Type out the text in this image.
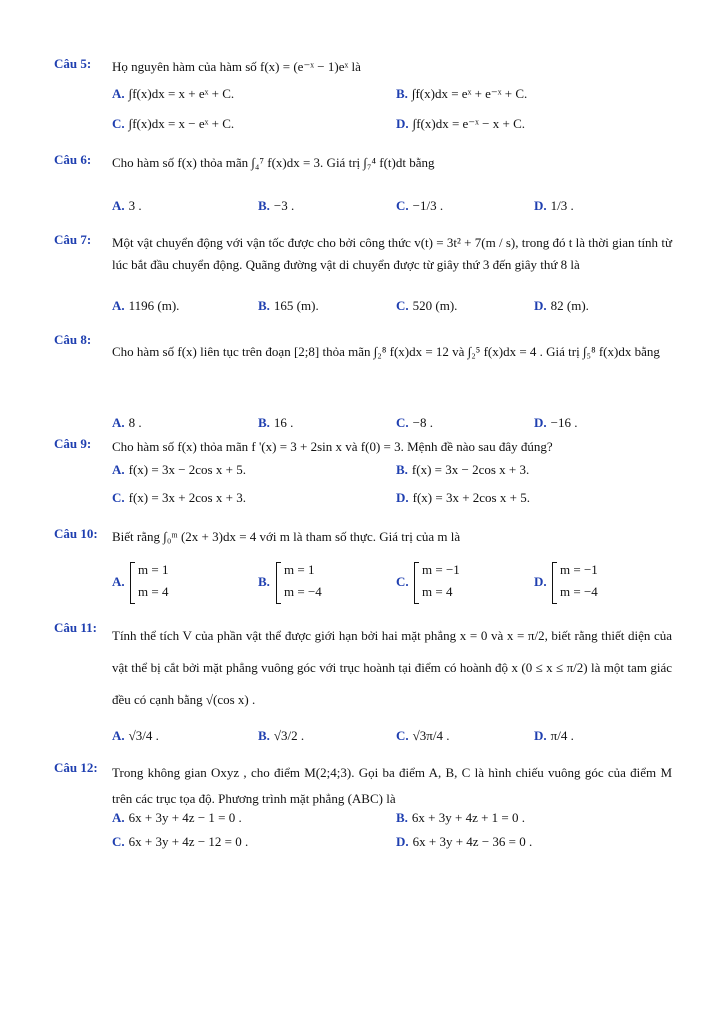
Câu 5: Họ nguyên hàm của hàm số f(x) = (e⁻ˣ − 1)eˣ là
A. ∫f(x)dx = x + eˣ + C.	B. ∫f(x)dx = eˣ + e⁻ˣ + C.
C. ∫f(x)dx = x − eˣ + C.	D. ∫f(x)dx = e⁻ˣ − x + C.
Câu 6: Cho hàm số f(x) thỏa mãn ∫₄⁷ f(x)dx = 3. Giá trị ∫₇⁴ f(t)dt bằng
A. 3 .	B. −3 .	C. −1/3 .	D. 1/3 .
Câu 7: Một vật chuyển động với vận tốc được cho bởi công thức v(t) = 3t² + 7(m / s), trong đó t là thời gian tính từ lúc bắt đầu chuyển động. Quãng đường vật di chuyển được từ giây thứ 3 đến giây thứ 8 là
A. 1196 (m).	B. 165 (m).	C. 520 (m).	D. 82 (m).
Câu 8:
Cho hàm số f(x) liên tục trên đoạn [2;8] thỏa mãn ∫₂⁸ f(x)dx = 12 và ∫₂⁵ f(x)dx = 4 . Giá trị ∫₅⁸ f(x)dx bằng
A. 8 .	B. 16 .	C. −8 .	D. −16 .
Câu 9: Cho hàm số f(x) thỏa mãn f '(x) = 3 + 2sin x và f(0) = 3. Mệnh đề nào sau đây đúng?
A. f(x) = 3x − 2cos x + 5.	B. f(x) = 3x − 2cos x + 3.
C. f(x) = 3x + 2cos x + 3.	D. f(x) = 3x + 2cos x + 5.
Câu 10: Biết rằng ∫₀ᵐ (2x + 3)dx = 4 với m là tham số thực. Giá trị của m là
A.
m = 1
m = 4
B.
m = 1
m = −4
C.
m = −1
m = 4
D.
m = −1
m = −4
Câu 11:
Tính thể tích V của phần vật thể được giới hạn bởi hai mặt phẳng x = 0 và x = π/2, biết rằng thiết diện của vật thể bị cắt bởi mặt phẳng vuông góc với trục hoành tại điểm có hoành độ x (0 ≤ x ≤ π/2) là một tam giác đều có cạnh bằng √(cos x) .
A. √3/4 .	B. √3/2 .	C. √3π/4 .	D. π/4 .
Câu 12: Trong không gian Oxyz , cho điểm M(2;4;3). Gọi ba điểm A, B, C là hình chiếu vuông góc của điểm M trên các trục tọa độ. Phương trình mặt phẳng (ABC) là
A. 6x + 3y + 4z − 1 = 0 .	B. 6x + 3y + 4z + 1 = 0 .
C. 6x + 3y + 4z − 12 = 0 .	D. 6x + 3y + 4z − 36 = 0 .
